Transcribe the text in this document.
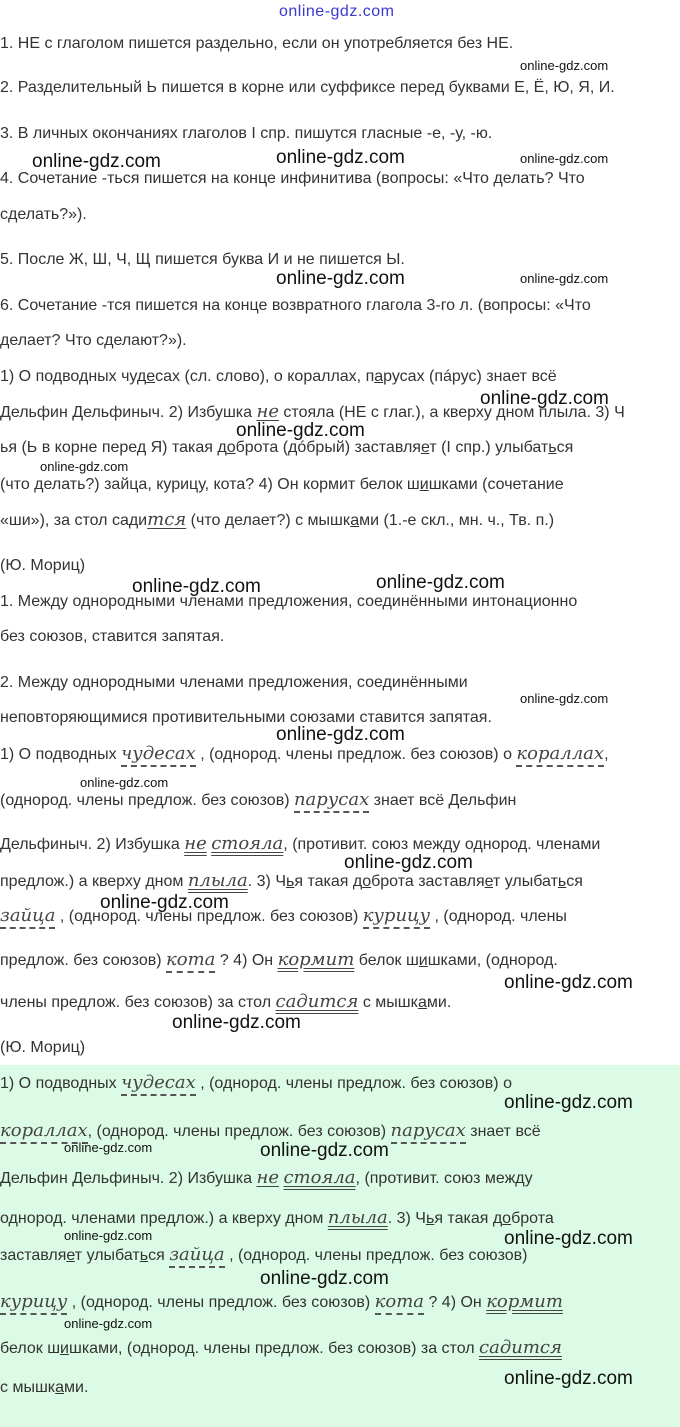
online-gdz.com
1. НЕ с глаголом пишется раздельно, если он употребляется без НЕ.
2. Разделительный Ь пишется в корне или суффиксе перед буквами Е, Ё, Ю, Я, И.
3. В личных окончаниях глаголов I спр. пишутся гласные -е, -у, -ю.
4. Сочетание -ться пишется на конце инфинитива (вопросы: «Что делать? Что
сделать?»).
5. После Ж, Ш, Ч, Щ пишется буква И и не пишется Ы.
6. Сочетание -тся пишется на конце возвратного глагола 3-го л. (вопросы: «Что
делает? Что сделают?»).
1) О подводных чудесах (сл. слово), о кораллах, парусах (пáрус) знает всё
Дельфин Дельфиныч. 2) Избушка не стояла (НЕ с глаг.), а кверху дном плыла. 3) Ч
ья (Ь в корне перед Я) такая доброта (дóбрый) заставляет (I спр.) улыбаться
(что делать?) зайца, курицу, кота? 4) Он кормит белок шишками (сочетание
«ши»), за стол садится (что делает?) с мышками (1.-е скл., мн. ч., Тв. п.)
(Ю. Мориц)
1. Между однородными членами предложения, соединёнными интонационно
без союзов, ставится запятая.
2. Между однородными членами предложения, соединёнными
неповторяющимися противительными союзами ставится запятая.
1) О подводных чудесах , (однород. члены предлож. без союзов) о кораллах,
(однород. члены предлож. без союзов) парусах знает всё Дельфин
Дельфиныч. 2) Избушка не стояла, (противит. союз между однород. членами
предлож.) а кверху дном плыла. 3) Чья такая доброта заставляет улыбаться
зайца , (однород. члены предлож. без союзов) курицу , (однород. члены
предлож. без союзов) кота ? 4) Он кормит белок шишками, (однород.
члены предлож. без союзов) за стол садится с мышками.
(Ю. Мориц)
1) О подводных чудесах , (однород. члены предлож. без союзов) о
кораллах, (однород. члены предлож. без союзов) парусах знает всё
Дельфин Дельфиныч. 2) Избушка не стояла, (противит. союз между
однород. членами предлож.) а кверху дном плыла. 3) Чья такая доброта
заставляет улыбаться зайца , (однород. члены предлож. без союзов)
курицу , (однород. члены предлож. без союзов) кота ? 4) Он кормит
белок шишками, (однород. члены предлож. без союзов) за стол садится
с мышками.
online-gdz.com
online-gdz.com	online-gdz.com	online-gdz.com
online-gdz.com	online-gdz.com
online-gdz.com
online-gdz.com
online-gdz.com
online-gdz.com	online-gdz.com
online-gdz.com
online-gdz.com
online-gdz.com
online-gdz.com
online-gdz.com
online-gdz.com
online-gdz.com
online-gdz.com
online-gdz.com	online-gdz.com
online-gdz.com	online-gdz.com
online-gdz.com
online-gdz.com
online-gdz.com
